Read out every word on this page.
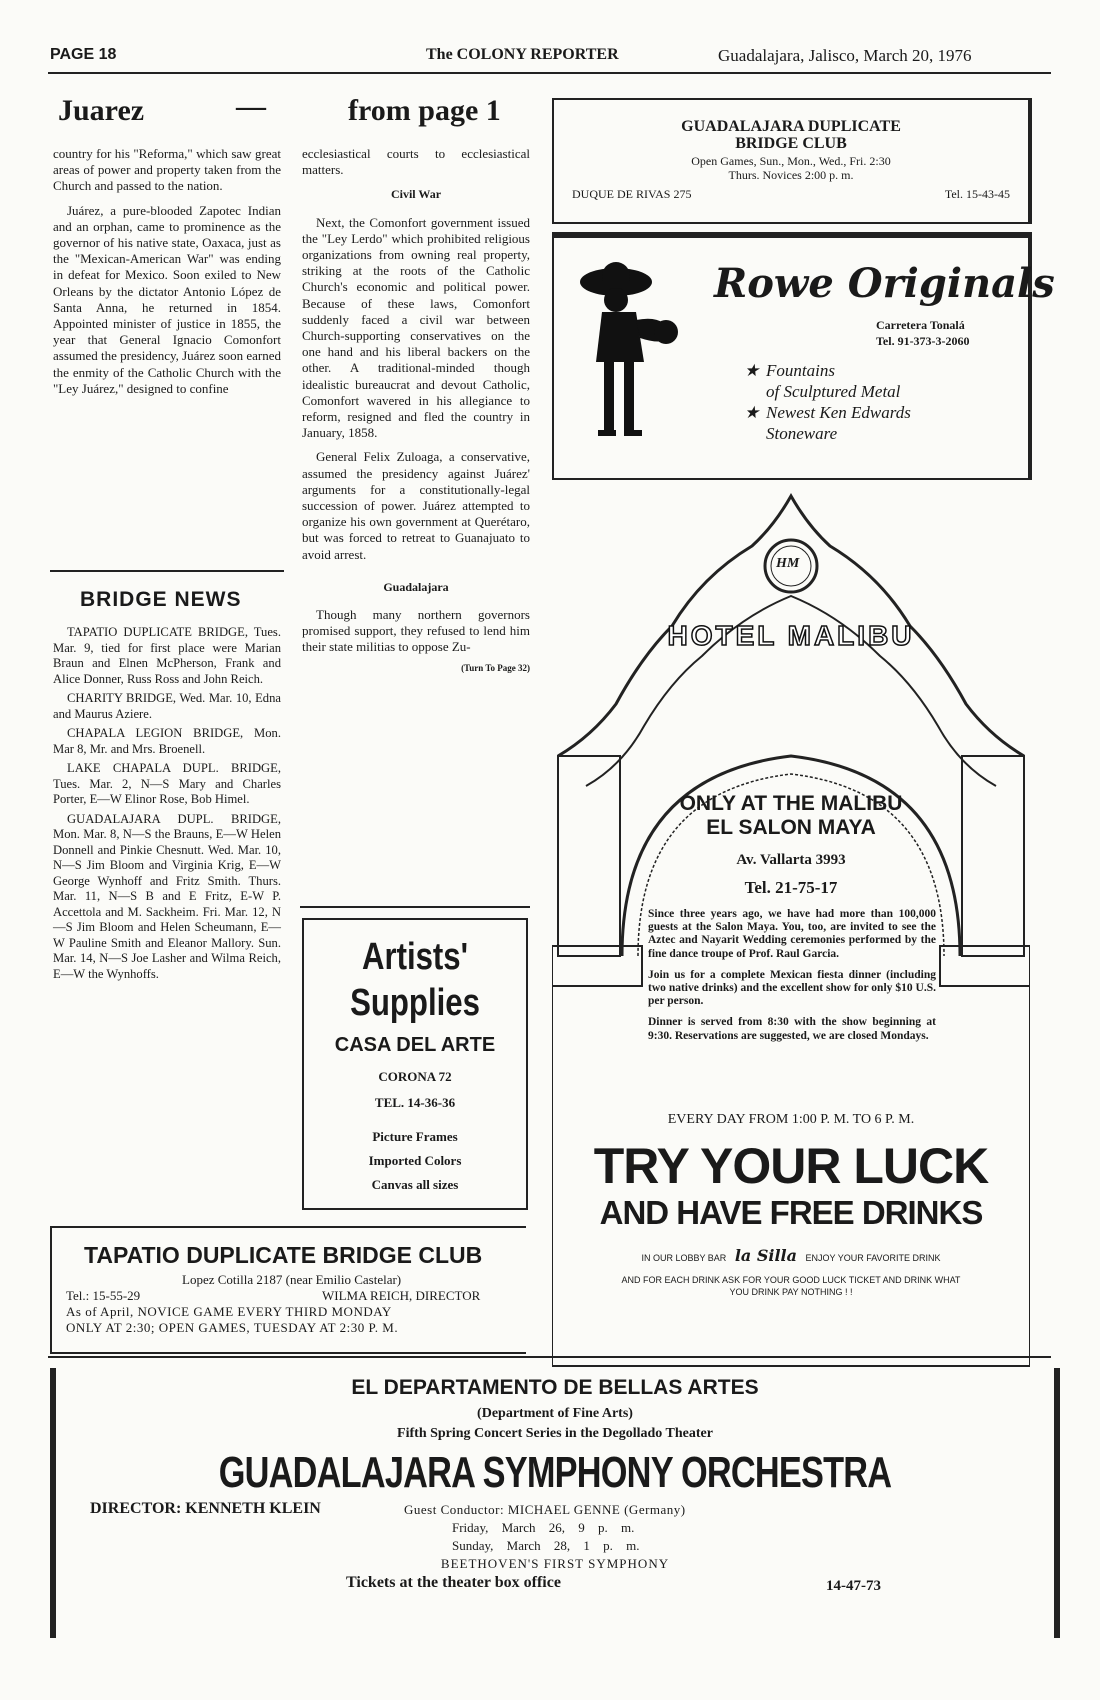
PAGE 18	The COLONY REPORTER	Guadalajara, Jalisco, March 20, 1976
Juarez	—	from page 1

country for his "Reforma," which saw great areas of power and property taken from the Church and passed to the nation.

Juárez, a pure-blooded Zapotec Indian and an orphan, came to prominence as the governor of his native state, Oaxaca, just as the "Mexican-American War" was ending in defeat for Mexico. Soon exiled to New Orleans by the dictator Antonio López de Santa Anna, he returned in 1854. Appointed minister of justice in 1855, the year that General Ignacio Comonfort assumed the presidency, Juárez soon earned the enmity of the Catholic Church with the "Ley Juárez," designed to confine

ecclesiastical courts to ecclesiastical matters.

Civil War

Next, the Comonfort government issued the "Ley Lerdo" which prohibited religious organizations from owning real property, striking at the roots of the Catholic Church's economic and political power. Because of these laws, Comonfort suddenly faced a civil war between Church-supporting conservatives on the one hand and his liberal backers on the other. A traditional-minded though idealistic bureaucrat and devout Catholic, Comonfort wavered in his allegiance to reform, resigned and fled the country in January, 1858.

General Felix Zuloaga, a conservative, assumed the presidency against Juárez' arguments for a constitutionally-legal succession of power. Juárez attempted to organize his own government at Querétaro, but was forced to retreat to Guanajuato to avoid arrest.

Guadalajara

Though many northern governors promised support, they refused to lend him their state militias to oppose Zu-

(Turn To Page 32)
BRIDGE NEWS

TAPATIO DUPLICATE BRIDGE, Tues. Mar. 9, tied for first place were Marian Braun and Elnen McPherson, Frank and Alice Donner, Russ Ross and John Reich.

CHARITY BRIDGE, Wed. Mar. 10, Edna and Maurus Aziere.

CHAPALA LEGION BRIDGE, Mon. Mar 8, Mr. and Mrs. Broenell.

LAKE CHAPALA DUPL. BRIDGE, Tues. Mar. 2, N—S Mary and Charles Porter, E—W Elinor Rose, Bob Himel.

GUADALAJARA DUPL. BRIDGE, Mon. Mar. 8, N—S the Brauns, E—W Helen Donnell and Pinkie Chesnutt. Wed. Mar. 10, N—S Jim Bloom and Virginia Krig, E—W George Wynhoff and Fritz Smith. Thurs. Mar. 11, N—S B and E Fritz, E-W P. Accettola and M. Sackheim. Fri. Mar. 12, N—S Jim Bloom and Helen Scheumann, E—W Pauline Smith and Eleanor Mallory. Sun. Mar. 14, N—S Joe Lasher and Wilma Reich, E—W the Wynhoffs.	Artists'
Supplies
CASA DEL ARTE
CORONA 72
TEL. 14-36-36
Picture Frames
Imported Colors
Canvas all sizes
TAPATIO DUPLICATE BRIDGE CLUB
Lopez Cotilla 2187 (near Emilio Castelar)
Tel.: 15-55-29	WILMA REICH, DIRECTOR
As of April, NOVICE GAME EVERY THIRD MONDAY
ONLY AT 2:30; OPEN GAMES, TUESDAY AT 2:30 P. M.
GUADALAJARA DUPLICATE
BRIDGE CLUB
Open Games, Sun., Mon., Wed., Fri. 2:30
Thurs. Novices 2:00 p. m.
DUQUE DE RIVAS 275	Tel. 15-43-45
Rowe Originals
Carretera Tonalá
Tel. 91-373-3-2060
★ Fountains
of Sculptured Metal
★ Newest Ken Edwards
Stoneware
HM
HOTEL MALIBU
ONLY AT THE MALIBU
EL SALON MAYA
Av. Vallarta 3993
Tel. 21-75-17

Since three years ago, we have had more than 100,000 guests at the Salon Maya. You, too, are invited to see the Aztec and Nayarit Wedding ceremonies performed by the fine dance troupe of Prof. Raul Garcia.

Join us for a complete Mexican fiesta dinner (including two native drinks) and the excellent show for only $10 U.S. per person.

Dinner is served from 8:30 with the show beginning at 9:30. Reservations are suggested, we are closed Mondays.

EVERY DAY FROM 1:00 P. M. TO 6 P. M.
TRY YOUR LUCK
AND HAVE FREE DRINKS
IN OUR LOBBY BAR la Silla ENJOY YOUR FAVORITE DRINK
AND FOR EACH DRINK ASK FOR YOUR GOOD LUCK TICKET AND DRINK WHAT YOU DRINK PAY NOTHING ! !
EL DEPARTAMENTO DE BELLAS ARTES
(Department of Fine Arts)
Fifth Spring Concert Series in the Degollado Theater
GUADALAJARA SYMPHONY ORCHESTRA
DIRECTOR: KENNETH KLEIN	Guest Conductor: MICHAEL GENNE (Germany)
Friday, March 26, 9 p. m.
Sunday, March 28, 1 p. m.
BEETHOVEN'S FIRST SYMPHONY
Tickets at the theater box office	14-47-73
